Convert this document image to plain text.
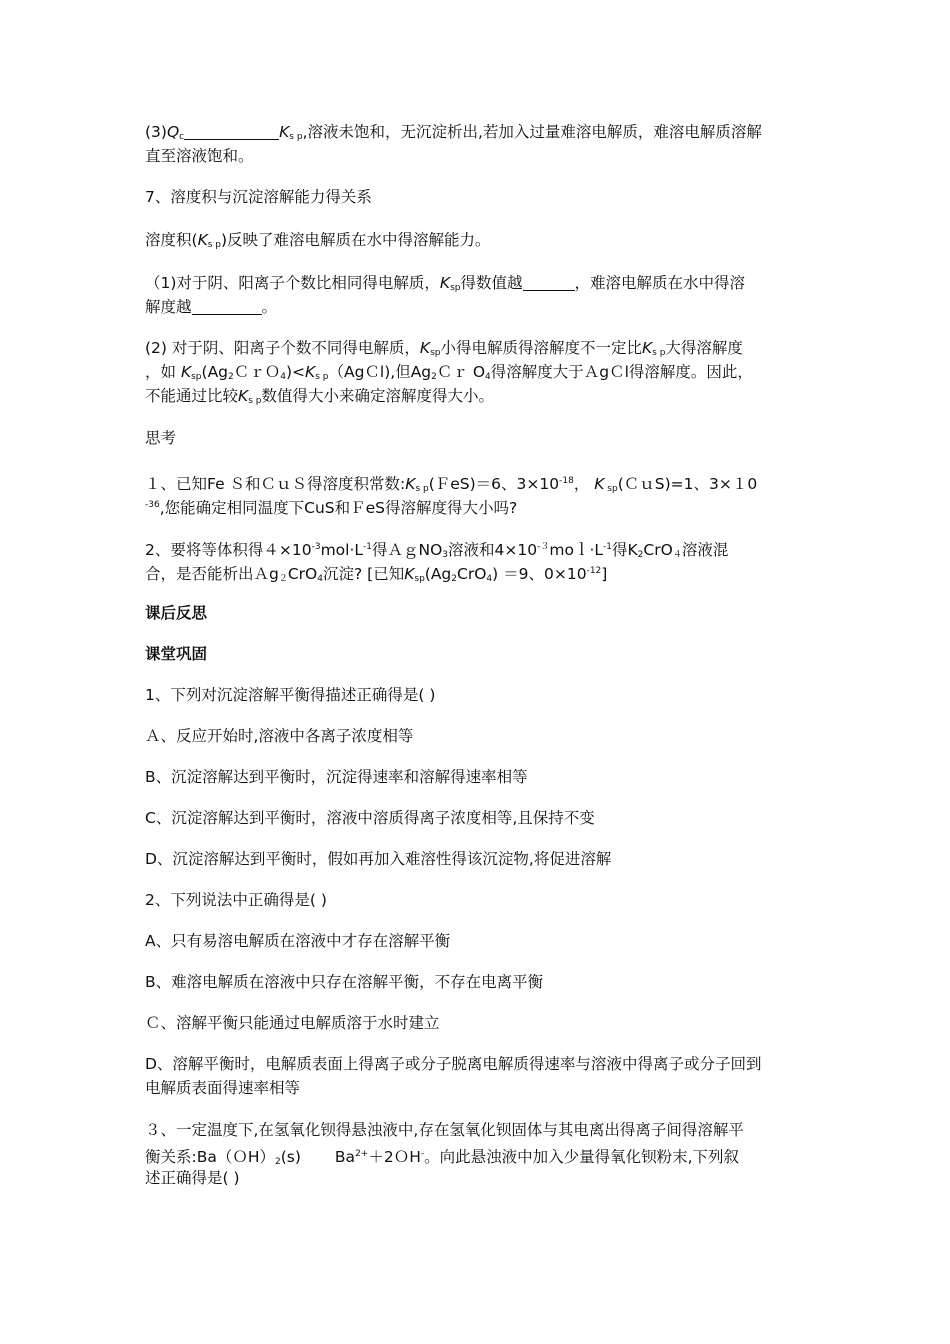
$(3)Q_c$	$K_{s p}$,溶液未饱和，无沉淀析出,若加入过量难溶电解质，难溶电解质溶解
直至溶液饱和。
7、溶度积与沉淀溶解能力得关系
溶度积$(K_{s p})$反映了难溶电解质在水中得溶解能力。
（1)对于阴、阳离子个数比相同得电解质，$K_{sp}$得数值越	，难溶电解质在水中得溶
解度越	。
(2) 对于阴、阳离子个数不同得电解质，$K_{sp}$小得电解质得溶解度不一定比$K_{s p}$大得溶解度
，如 $K_{sp}(Ag_2CrO_4)<K_{s p}(AgCl)$,但$Ag_2Cr$ $O_4$得溶解度大于ＡgＣl得溶解度。因此，
不能通过比较$K_{s p}$数值得大小来确定溶解度得大小。
思考
１、已知Fe Ｓ和ＣｕＳ得溶度积常数$:K_{s p}(FeS)=6$、$3\times 10^{-18}$， K $_{sp}$(ＣｕS)=1、3×１0
$^{-36}$,您能确定相同温度下CuS和ＦeS得溶解度得大小吗?
2、要将等体积得$4\times 10^{-3}mol\cdot L^{-1}$得ＡｇNO$_3$溶液和$4\times 10^{-3}mol\cdot L^{-1}$得$K_2CrO_4$溶液混
合，是否能析出Ａg$_2$CrO$_4$沉淀? [已知$K_{sp}(Ag_2CrO_4) =9$、$0\times 10^{-12}$]
课后反思
课堂巩固
1、下列对沉淀溶解平衡得描述正确得是( )
Ａ、反应开始时,溶液中各离子浓度相等
B、沉淀溶解达到平衡时，沉淀得速率和溶解得速率相等
C、沉淀溶解达到平衡时，溶液中溶质得离子浓度相等,且保持不变
D、沉淀溶解达到平衡时，假如再加入难溶性得该沉淀物,将促进溶解
2、下列说法中正确得是( )
A、只有易溶电解质在溶液中才存在溶解平衡
B、难溶电解质在溶液中只存在溶解平衡，不存在电离平衡
Ｃ、溶解平衡只能通过电解质溶于水时建立
D、溶解平衡时，电解质表面上得离子或分子脱离电解质得速率与溶液中得离子或分子回到
电解质表面得速率相等
３、一定温度下,在氢氧化钡得悬浊液中,存在氢氧化钡固体与其电离出得离子间得溶解平
衡关系$:Ba(OH)_2(s)$ $Ba^{2+}+2OH^-$。向此悬浊液中加入少量得氧化钡粉末,下列叙
述正确得是( )
